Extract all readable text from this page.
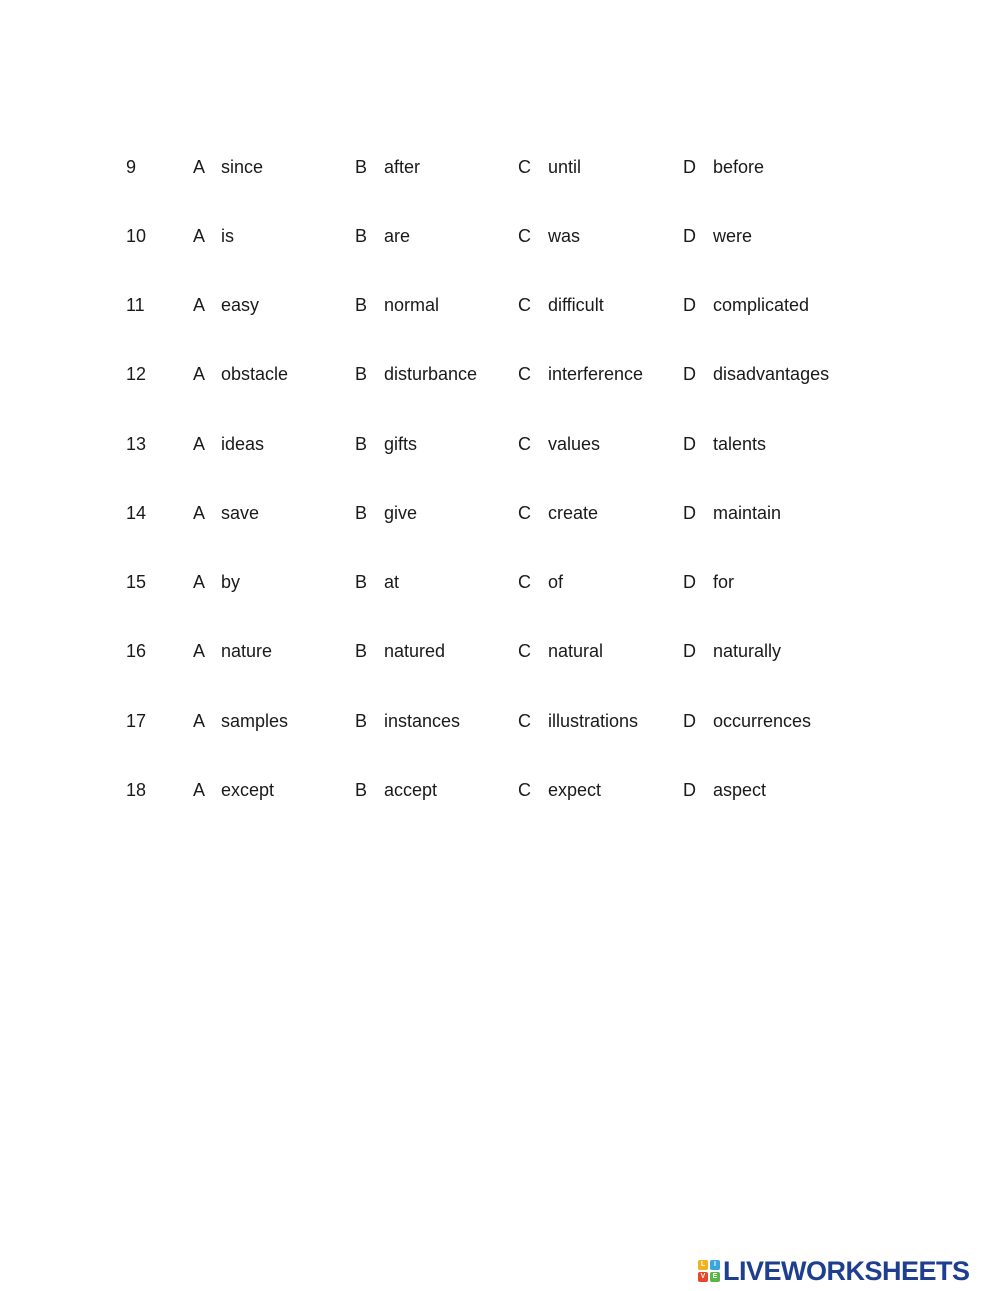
9	A since	B after	C until	D before
10	A is	B are	C was	D were
11	A easy	B normal	C difficult	D complicated
12	A obstacle	B disturbance C interference D disadvantages
13	A ideas	B gifts	C values	D talents
14	A save	B give	C create	D maintain
15	A by	B at	C of	D for
16	A nature	B natured	C natural	D naturally
17	A samples	B instances	C illustrations D occurrences
18	A except	B accept	C expect	D aspect
L	I
V	E LIVEWORKSHEETS
